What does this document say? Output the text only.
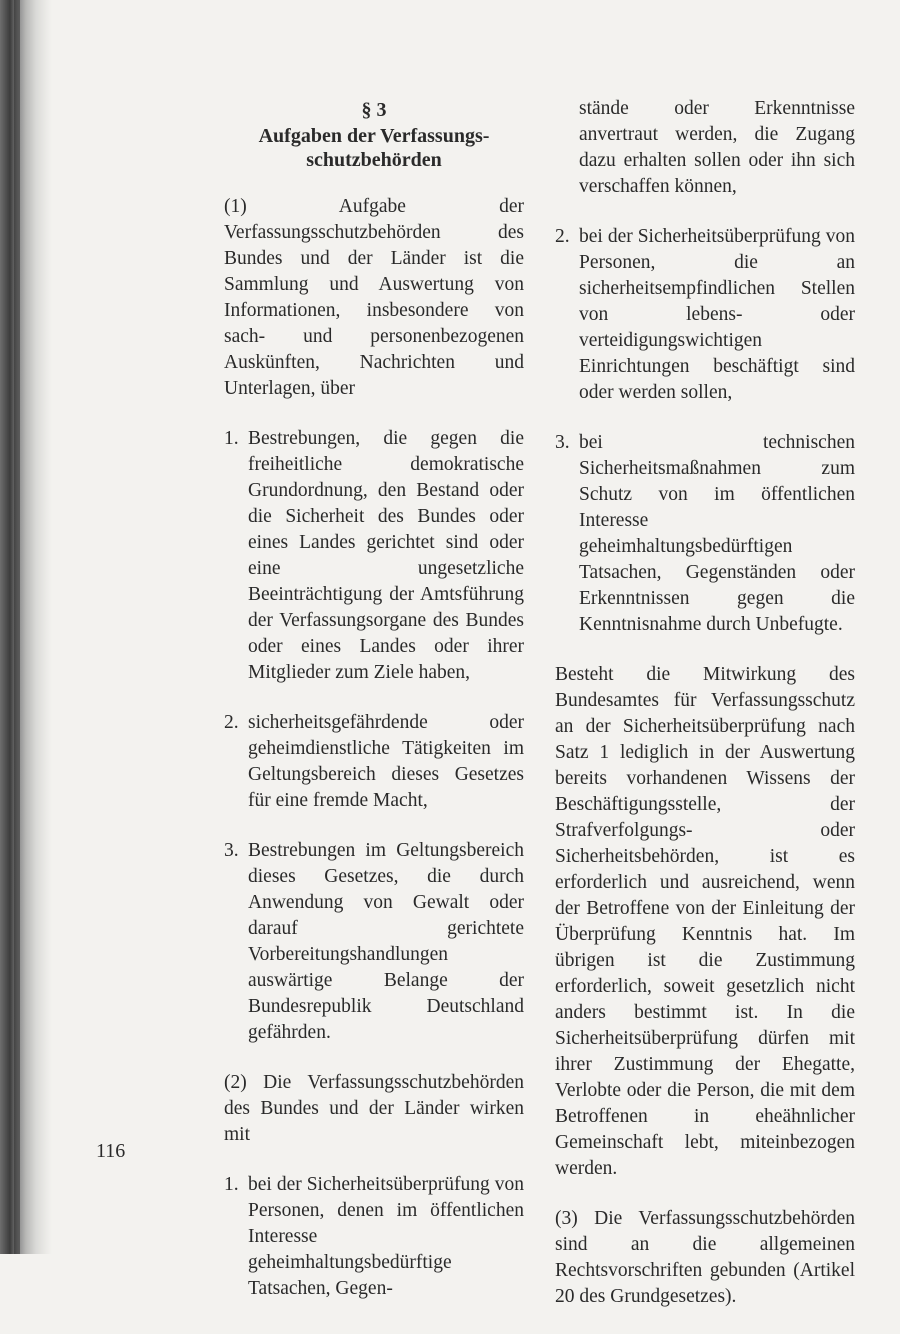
§ 3
Aufgaben der Verfassungs-
schutzbehörden

(1) Aufgabe der Verfassungsschutzbehörden des Bundes und der Länder ist die Sammlung und Auswertung von Informationen, insbesondere von sach- und personenbezogenen Auskünften, Nachrichten und Unterlagen, über

1. Bestrebungen, die gegen die freiheitliche demokratische Grundordnung, den Bestand oder die Sicherheit des Bundes oder eines Landes gerichtet sind oder eine ungesetzliche Beeinträchtigung der Amtsführung der Verfassungsorgane des Bundes oder eines Landes oder ihrer Mitglieder zum Ziele haben,
2. sicherheitsgefährdende oder geheimdienstliche Tätigkeiten im Geltungsbereich dieses Gesetzes für eine fremde Macht,
3. Bestrebungen im Geltungsbereich dieses Gesetzes, die durch Anwendung von Gewalt oder darauf gerichtete Vorbereitungshandlungen auswärtige Belange der Bundesrepublik Deutschland gefährden.

(2) Die Verfassungsschutzbehörden des Bundes und der Länder wirken mit

1. bei der Sicherheitsüberprüfung von Personen, denen im öffentlichen Interesse geheimhaltungsbedürftige Tatsachen, Gegen-
stände oder Erkenntnisse anvertraut werden, die Zugang dazu erhalten sollen oder ihn sich verschaffen können,
2. bei der Sicherheitsüberprüfung von Personen, die an sicherheitsempfindlichen Stellen von lebens- oder verteidigungswichtigen Einrichtungen beschäftigt sind oder werden sollen,
3. bei technischen Sicherheitsmaßnahmen zum Schutz von im öffentlichen Interesse geheimhaltungsbedürftigen Tatsachen, Gegenständen oder Erkenntnissen gegen die Kenntnisnahme durch Unbefugte.

Besteht die Mitwirkung des Bundesamtes für Verfassungsschutz an der Sicherheitsüberprüfung nach Satz 1 lediglich in der Auswertung bereits vorhandenen Wissens der Beschäftigungsstelle, der Strafverfolgungs- oder Sicherheitsbehörden, ist es erforderlich und ausreichend, wenn der Betroffene von der Einleitung der Überprüfung Kenntnis hat. Im übrigen ist die Zustimmung erforderlich, soweit gesetzlich nicht anders bestimmt ist. In die Sicherheitsüberprüfung dürfen mit ihrer Zustimmung der Ehegatte, Verlobte oder die Person, die mit dem Betroffenen in eheähnlicher Gemeinschaft lebt, miteinbezogen werden.

(3) Die Verfassungsschutzbehörden sind an die allgemeinen Rechtsvorschriften gebunden (Artikel 20 des Grundgesetzes).

116
